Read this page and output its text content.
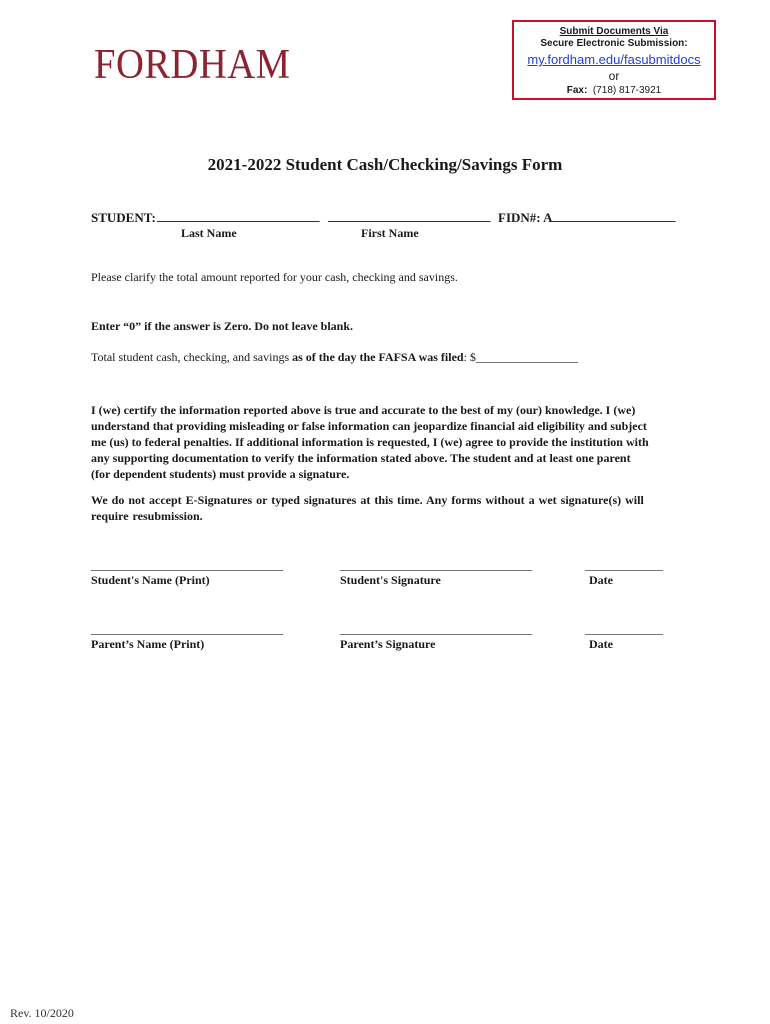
FORDHAM
Submit Documents Via
Secure Electronic Submission:
my.fordham.edu/fasubmitdocs
or
Fax: (718) 817-3921
2021-2022 Student Cash/Checking/Savings Form
STUDENT: _________________________ _________________________ FIDN#: A ___________________
Last Name	First Name
Please clarify the total amount reported for your cash, checking and savings.
Enter “0” if the answer is Zero. Do not leave blank.
Total student cash, checking, and savings as of the day the FAFSA was filed: $_________________
I (we) certify the information reported above is true and accurate to the best of my (our) knowledge. I (we)
understand that providing misleading or false information can jeopardize financial aid eligibility and subject
me (us) to federal penalties. If additional information is requested, I (we) agree to provide the institution with
any supporting documentation to verify the information stated above. The student and at least one parent
(for dependent students) must provide a signature.
We do not accept E-Signatures or typed signatures at this time. Any forms without a wet signature(s) will
require resubmission.
________________________________	________________________________	_____________
Student's Name (Print)	Student's Signature	Date
________________________________	________________________________	_____________
Parent’s Name (Print)	Parent’s Signature	Date
Rev. 10/2020
